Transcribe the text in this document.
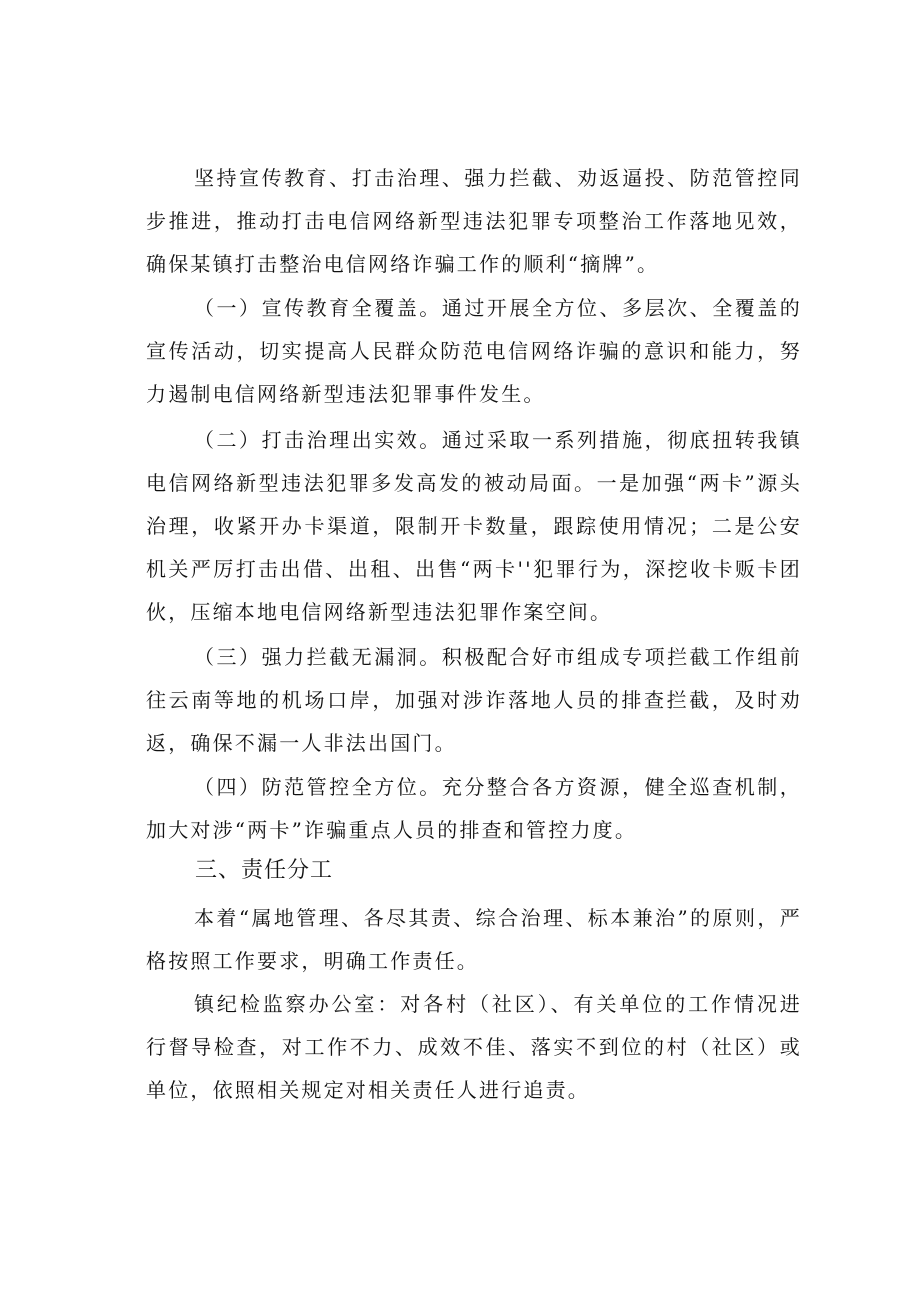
坚持宣传教育、打击治理、强力拦截、劝返逼投、防范管控同步推进，推动打击电信网络新型违法犯罪专项整治工作落地见效，确保某镇打击整治电信网络诈骗工作的顺利“摘牌”。

（一）宣传教育全覆盖。通过开展全方位、多层次、全覆盖的宣传活动，切实提高人民群众防范电信网络诈骗的意识和能力，努力遏制电信网络新型违法犯罪事件发生。

（二）打击治理出实效。通过采取一系列措施，彻底扭转我镇电信网络新型违法犯罪多发高发的被动局面。一是加强“两卡”源头治理，收紧开办卡渠道，限制开卡数量，跟踪使用情况；二是公安机关严厉打击出借、出租、出售“两卡''犯罪行为，深挖收卡贩卡团伙，压缩本地电信网络新型违法犯罪作案空间。

（三）强力拦截无漏洞。积极配合好市组成专项拦截工作组前往云南等地的机场口岸，加强对涉诈落地人员的排查拦截，及时劝返，确保不漏一人非法出国门。

（四）防范管控全方位。充分整合各方资源，健全巡查机制，加大对涉“两卡”诈骗重点人员的排查和管控力度。

三、责任分工

本着“属地管理、各尽其责、综合治理、标本兼治”的原则，严格按照工作要求，明确工作责任。

镇纪检监察办公室：对各村（社区）、有关单位的工作情况进行督导检查，对工作不力、成效不佳、落实不到位的村（社区）或单位，依照相关规定对相关责任人进行追责。
